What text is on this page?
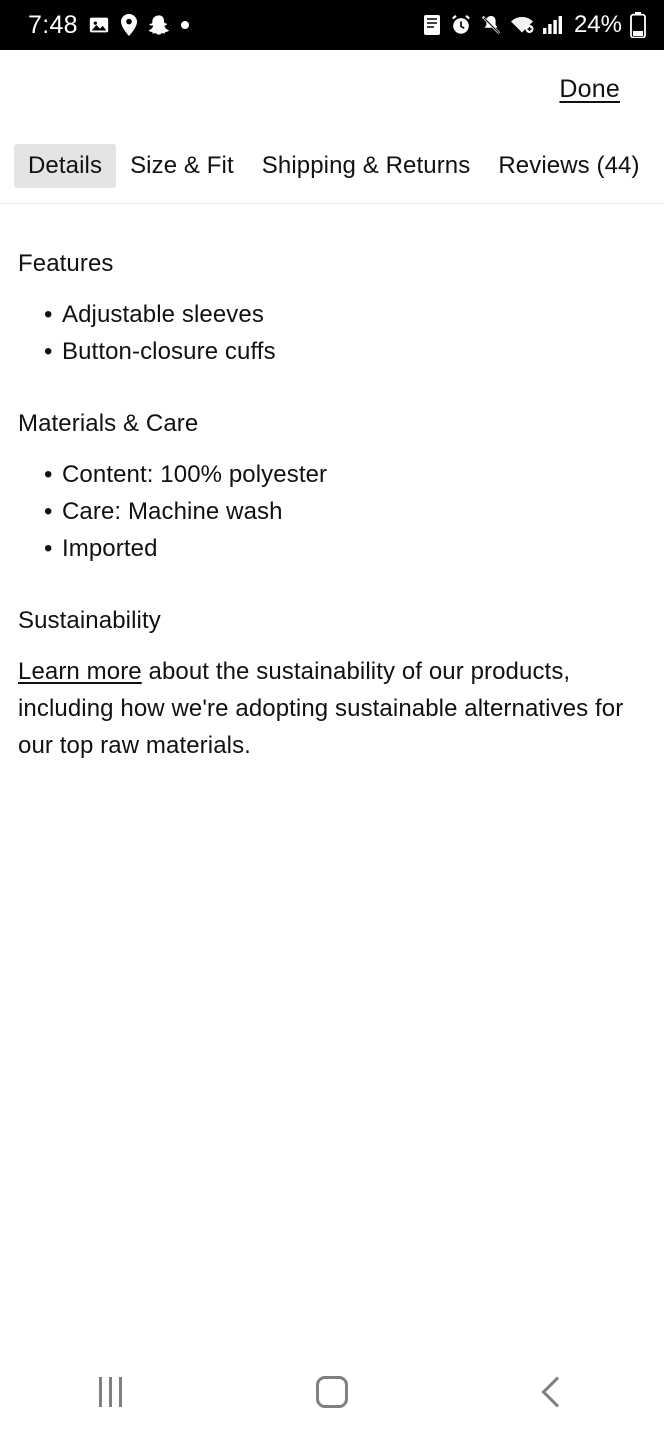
7:48	24%
Done
Details	Size & Fit	Shipping & Returns	Reviews (44)
Features
• Adjustable sleeves
• Button-closure cuffs
Materials & Care
• Content: 100% polyester
• Care: Machine wash
• Imported
Sustainability

Learn more about the sustainability of our products, including how we're adopting sustainable alternatives for our top raw materials.
